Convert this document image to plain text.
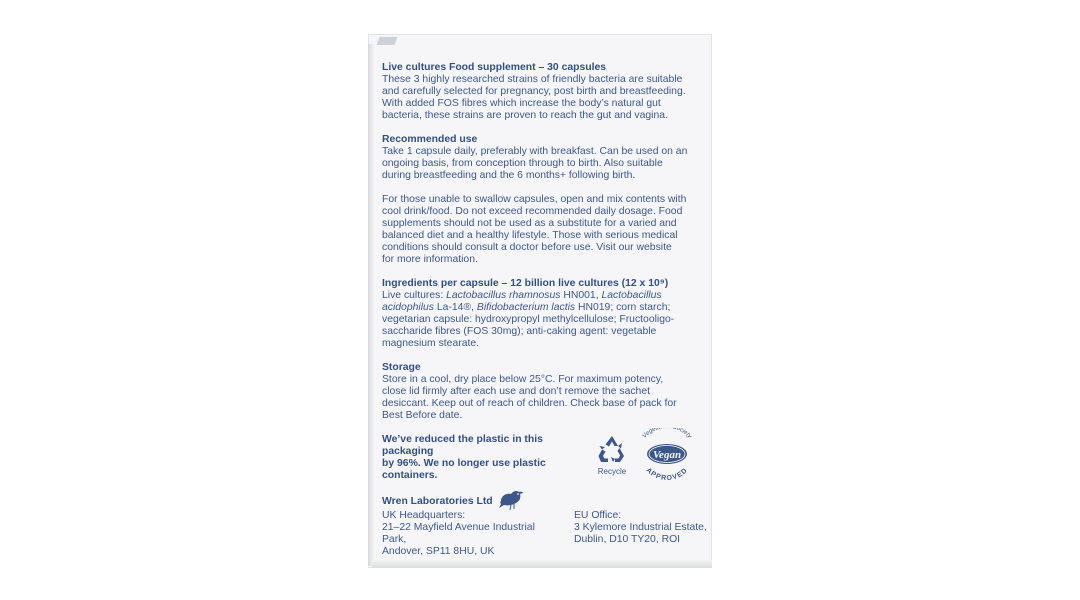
Live cultures Food supplement – 30 capsules

These 3 highly researched strains of friendly bacteria are suitable

and carefully selected for pregnancy, post birth and breastfeeding.

With added FOS fibres which increase the body’s natural gut

bacteria, these strains are proven to reach the gut and vagina.

Recommended use

Take 1 capsule daily, preferably with breakfast. Can be used on an

ongoing basis, from conception through to birth. Also suitable

during breastfeeding and the 6 months+ following birth.

For those unable to swallow capsules, open and mix contents with

cool drink/food. Do not exceed recommended daily dosage. Food

supplements should not be used as a substitute for a varied and

balanced diet and a healthy lifestyle. Those with serious medical

conditions should consult a doctor before use. Visit our website

for more information.

Ingredients per capsule – 12 billion live cultures (12 x 10⁹)

Live cultures: Lactobacillus rhamnosus HN001, Lactobacillus

acidophilus La-14®, Bifidobacterium lactis HN019; corn starch;

vegetarian capsule: hydroxypropyl methylcellulose; Fructooligo-

saccharide fibres (FOS 30mg); anti-caking agent: vegetable

magnesium stearate.

Storage

Store in a cool, dry place below 25°C. For maximum potency,

close lid firmly after each use and don’t remove the sachet

desiccant. Keep out of reach of children. Check base of pack for

Best Before date.

We’ve reduced the plastic in this packaging

by 96%. We no longer use plastic containers.	Recycle
Vegeta ociety
Vegan
APPROVED

Wren Laboratories Ltd

UK Headquarters:

21–22 Mayfield Avenue Industrial Park,

Andover, SP11 8HU, UK

EU Office:

3 Kylemore Industrial Estate,

Dublin, D10 TY20, ROI
